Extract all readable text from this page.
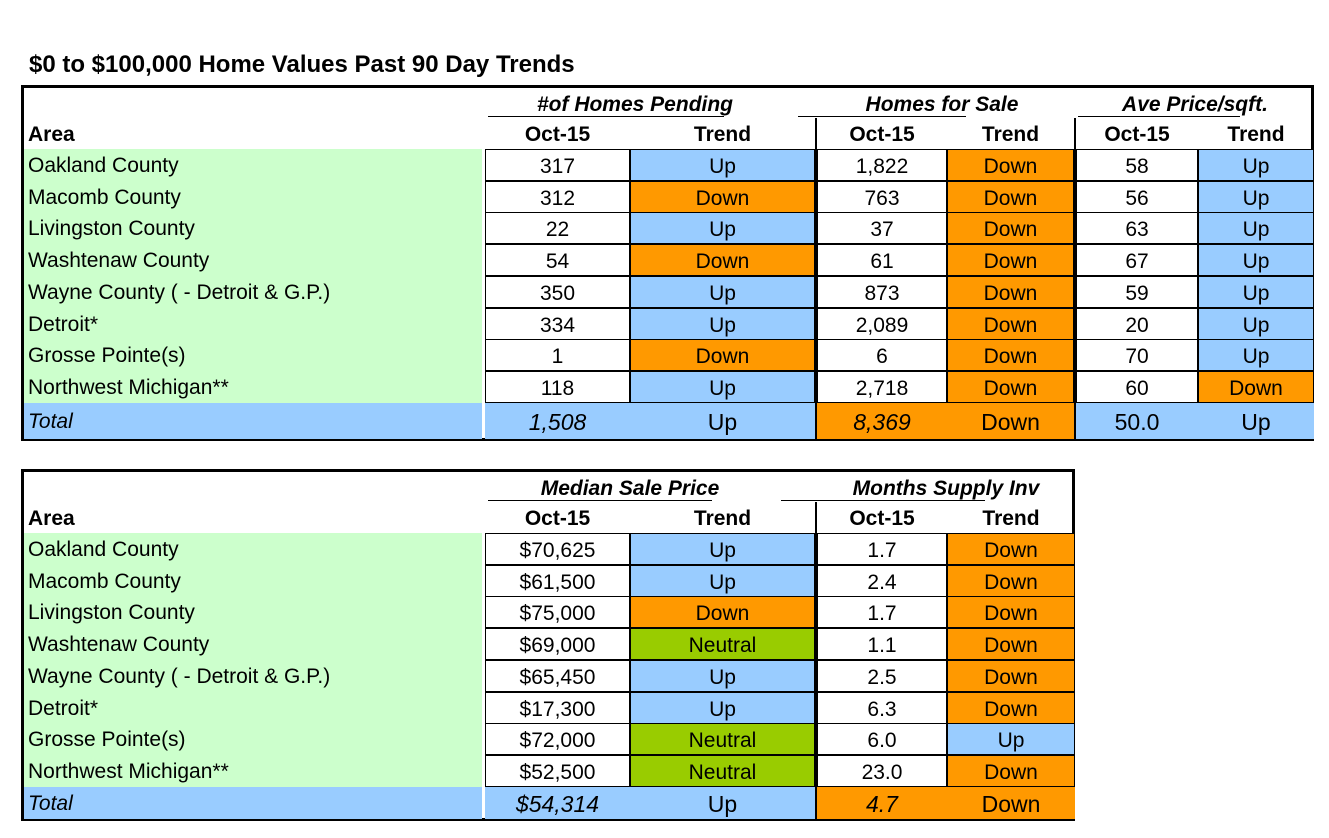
$0 to $100,000 Home Values Past 90 Day Trends
#of Homes Pending	Homes for Sale	Ave Price/sqft.
Area	Oct-15	Trend	Oct-15	Trend	Oct-15	Trend
Oakland County	317	Up	1,822	Down	58	Up
Macomb County	312	Down	763	Down	56	Up
Livingston County	22	Up	37	Down	63	Up
Washtenaw County	54	Down	61	Down	67	Up
Wayne County ( - Detroit & G.P.)	350	Up	873	Down	59	Up
Detroit*	334	Up	2,089	Down	20	Up
Grosse Pointe(s)	1	Down	6	Down	70	Up
Northwest Michigan**	118	Up	2,718	Down	60	Down
Total	1,508	Up	8,369	Down	50.0	Up
Median Sale Price	Months Supply Inv
Area	Oct-15	Trend	Oct-15	Trend
Oakland County	$70,625	Up	1.7	Down
Macomb County	$61,500	Up	2.4	Down
Livingston County	$75,000	Down	1.7	Down
Washtenaw County	$69,000	Neutral	1.1	Down
Wayne County ( - Detroit & G.P.)	$65,450	Up	2.5	Down
Detroit*	$17,300	Up	6.3	Down
Grosse Pointe(s)	$72,000	Neutral	6.0	Up
Northwest Michigan**	$52,500	Neutral	23.0	Down
Total	$54,314	Up	4.7	Down
